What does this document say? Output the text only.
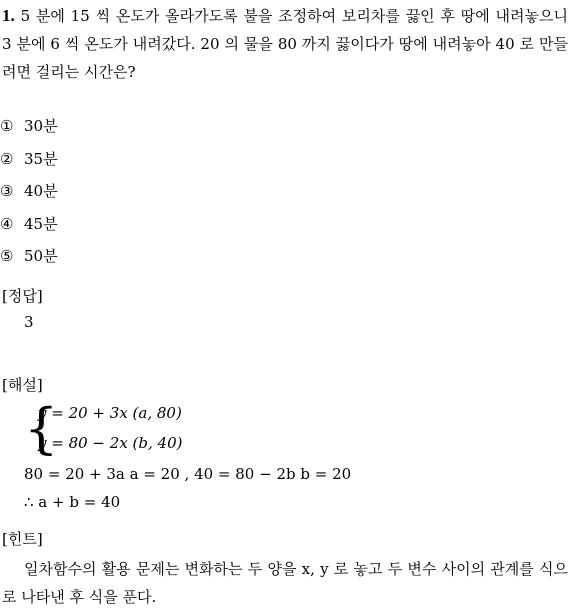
1. 5 분에 15 씩 온도가 올라가도록 불을 조정하여 보리차를 끓인 후 땅에 내려놓으니 3 분에 6 씩 온도가 내려갔다. 20 의 물을 80 까지 끓이다가 땅에 내려놓아 40 로 만들려면 걸리는 시간은?
① 30분
② 35분
③ 40분
④ 45분
⑤ 50분
[정답]
3
[해설]
{
y = 20 + 3x (a, 80)
y = 80 − 2x (b, 40)
80 = 20 + 3a a = 20 , 40 = 80 − 2b b = 20
∴ a + b = 40
[힌트]
일차함수의 활용 문제는 변화하는 두 양을 x, y 로 놓고 두 변수 사이의 관계를 식으로 나타낸 후 식을 푼다.
